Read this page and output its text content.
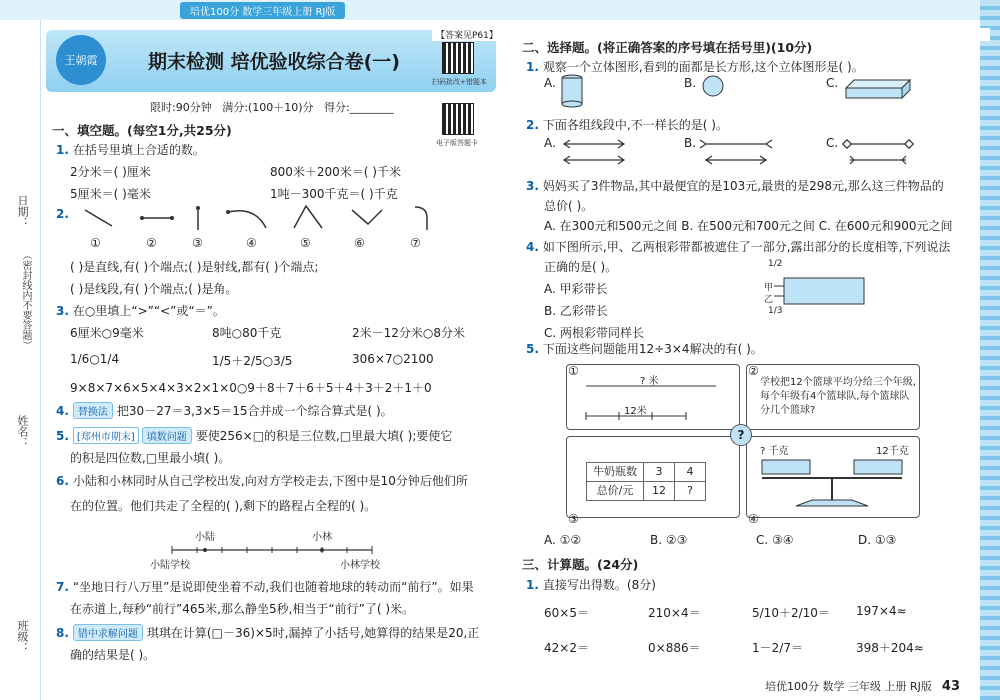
培优100分 数学三年级上册 RJ版
日期：
（密封线内不要答题）
姓名：
班级：
王朝霞	期末检测 培优验收综合卷(一)
【答案见P61】
扫码批改+错题本
电子版答题卡
限时:90分钟 满分:(100＋10)分 得分:________
一、填空题。(每空1分,共25分)
1. 在括号里填上合适的数。
2分米＝( )厘米	800米＋200米＝( )千米
5厘米＝( )毫米	1吨－300千克＝( )千克
2.
①	②	③	④	⑤	⑥	⑦
( )是直线,有( )个端点;( )是射线,都有( )个端点;
( )是线段,有( )个端点;( )是角。
3. 在○里填上“>”“<”或“＝”。
6厘米○9毫米	8吨○80千克	2米－12分米○8分米
1/6○1/4	1/5＋2/5○3/5	306×7○2100
9×8×7×6×5×4×3×2×1×0○9＋8＋7＋6＋5＋4＋3＋2＋1＋0
4. 替换法 把30－27＝3,3×5＝15合并成一个综合算式是( )。
5. [郑州市期末] 填数问题 要使256×□的积是三位数,□里最大填( );要使它
的积是四位数,□里最小填( )。
6. 小陆和小林同时从自己学校出发,向对方学校走去,下图中是10分钟后他们所
在的位置。他们共走了全程的( ),剩下的路程占全程的( )。
小陆	小林
小陆学校	小林学校
7. “坐地日行八万里”是说即使坐着不动,我们也随着地球的转动而“前行”。如果
在赤道上,每秒“前行”465米,那么静坐5秒,相当于“前行”了( )米。
8. 错中求解问题 琪琪在计算(□－36)×5时,漏掉了小括号,她算得的结果是20,正
确的结果是( )。
二、选择题。(将正确答案的序号填在括号里)(10分)
1. 观察一个立体图形,看到的面都是长方形,这个立体图形是( )。
A.	B.	C.
2. 下面各组线段中,不一样长的是( )。
A.	B.	C.
3. 妈妈买了3件物品,其中最便宜的是103元,最贵的是298元,那么这三件物品的
总价( )。
A. 在300元和500元之间 B. 在500元和700元之间 C. 在600元和900元之间
4. 如下图所示,甲、乙两根彩带都被遮住了一部分,露出部分的长度相等,下列说法
正确的是( )。
A. 甲彩带长
B. 乙彩带长
C. 两根彩带同样长
1/2
甲
乙
1/3
5. 下面这些问题能用12÷3×4解决的有( )。
①
? 米
12米
②
学校把12个篮球平均分给三个年级,每个年级有4个篮球队,每个篮球队分几个篮球?
③
牛奶瓶数	3	4
总价/元	12	?
④
? 千克	12千克
?
A. ①②	B. ②③	C. ③④	D. ①③
三、计算题。(24分)
1. 直接写出得数。(8分)
60×5＝	210×4＝	5/10＋2/10＝ 197×4≈
42×2＝	0×886＝	1－2/7＝	398＋204≈
培优100分 数学 三年级 上册 RJ版 43
